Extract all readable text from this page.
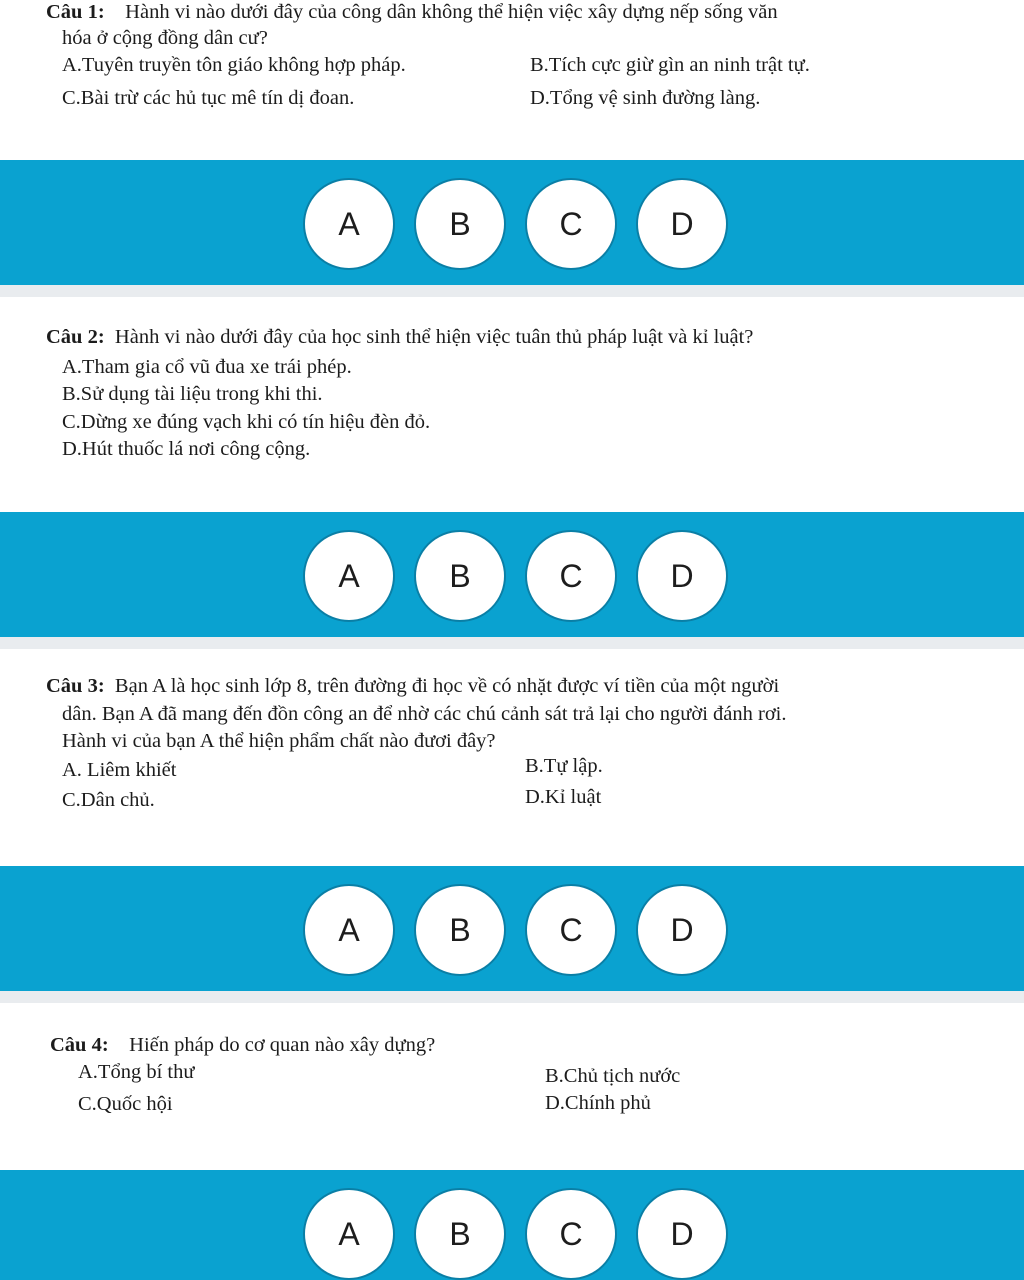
Câu 1: Hành vi nào dưới đây của công dân không thể hiện việc xây dựng nếp sống văn
hóa ở cộng đồng dân cư?
A.Tuyên truyền tôn giáo không hợp pháp.	B.Tích cực giừ gìn an ninh trật tự.
C.Bài trừ các hủ tục mê tín dị đoan.	D.Tổng vệ sinh đường làng.
A	B	C	D
Câu 2: Hành vi nào dưới đây của học sinh thể hiện việc tuân thủ pháp luật và kỉ luật?
A.Tham gia cổ vũ đua xe trái phép.
B.Sử dụng tài liệu trong khi thi.
C.Dừng xe đúng vạch khi có tín hiệu đèn đỏ.
D.Hút thuốc lá nơi công cộng.
A	B	C	D
Câu 3: Bạn A là học sinh lớp 8, trên đường đi học về có nhặt được ví tiền của một người
dân. Bạn A đã mang đến đồn công an để nhờ các chú cảnh sát trả lại cho người đánh rơi.
Hành vi của bạn A thể hiện phẩm chất nào đươi đây?
A. Liêm khiết	B.Tự lập.
C.Dân chủ.	D.Kỉ luật
A	B	C	D
Câu 4: Hiến pháp do cơ quan nào xây dựng?
A.Tổng bí thư	B.Chủ tịch nước
C.Quốc hội	D.Chính phủ
A	B	C	D
